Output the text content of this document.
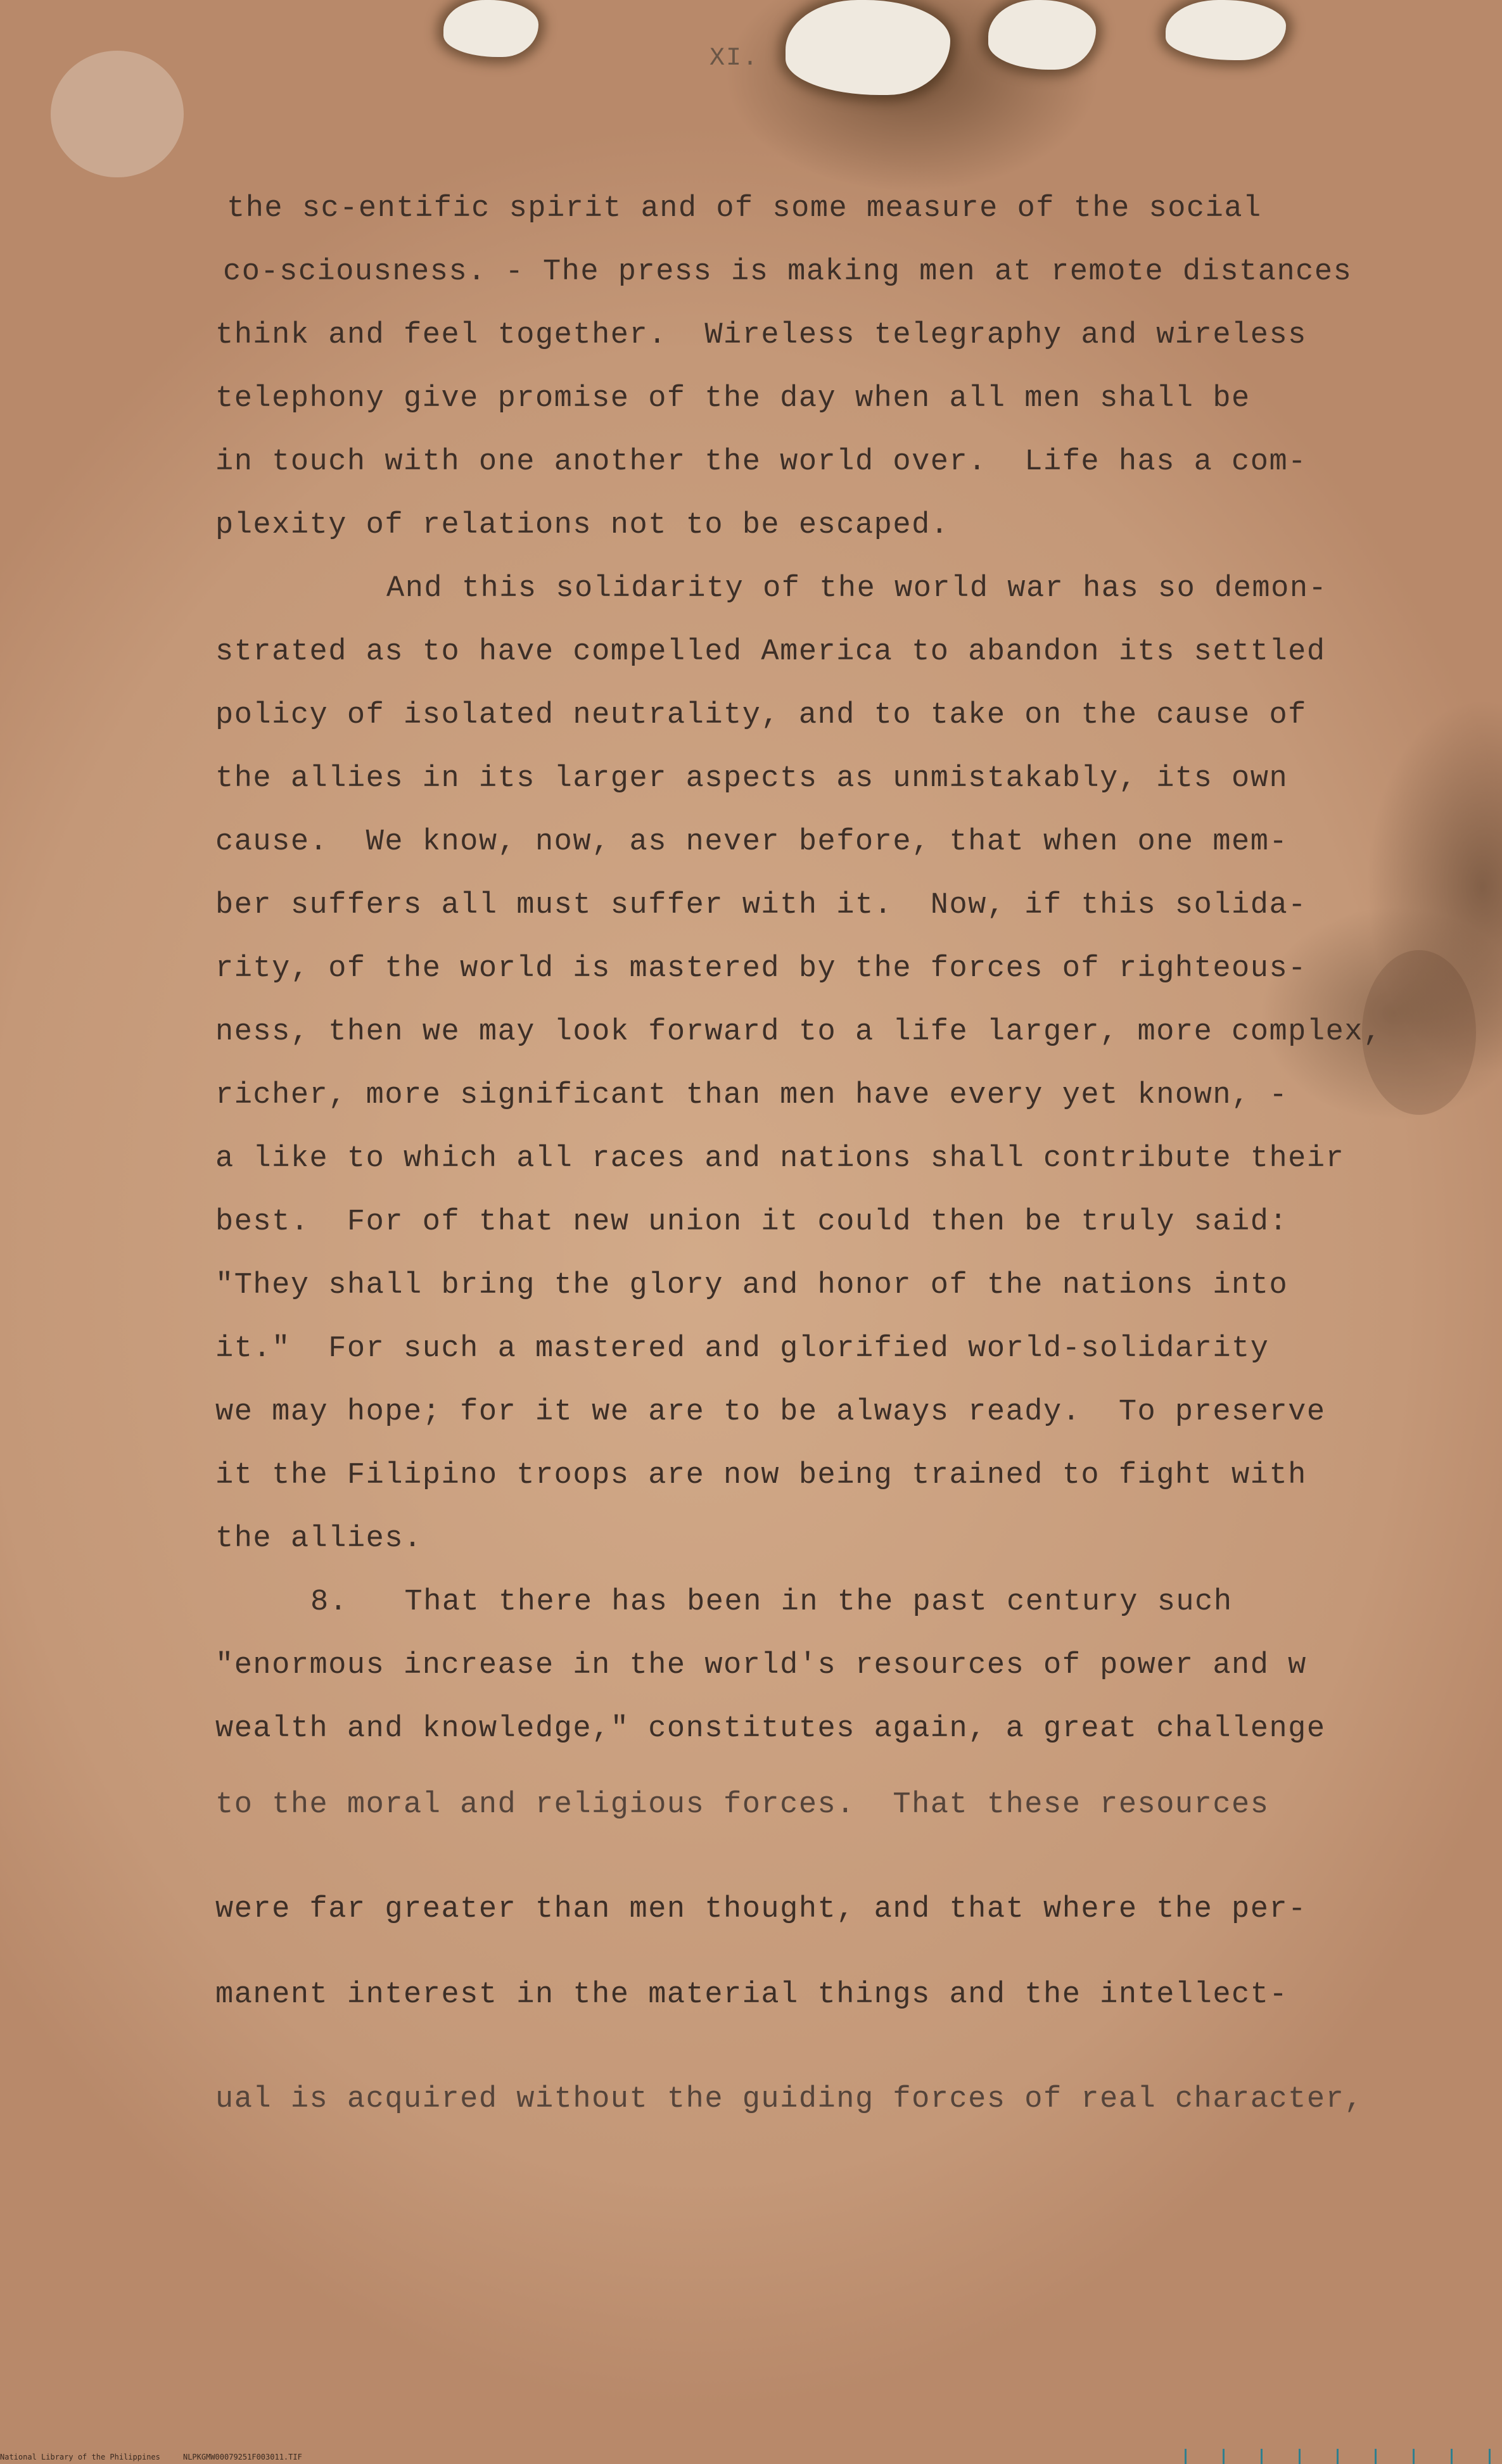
XI.
the sc-entific spirit and of some measure of the social
co-sciousness. - The press is making men at remote distances
think and feel together.  Wireless telegraphy and wireless
telephony give promise of the day when all men shall be
in touch with one another the world over.  Life has a com-
plexity of relations not to be escaped.
And this solidarity of the world war has so demon-
strated as to have compelled America to abandon its settled
policy of isolated neutrality, and to take on the cause of
the allies in its larger aspects as unmistakably, its own
cause.  We know, now, as never before, that when one mem-
ber suffers all must suffer with it.  Now, if this solida-
rity, of the world is mastered by the forces of righteous-
ness, then we may look forward to a life larger, more complex,
richer, more significant than men have every yet known, -
a like to which all races and nations shall contribute their
best.  For of that new union it could then be truly said:
"They shall bring the glory and honor of the nations into
it."  For such a mastered and glorified world-solidarity
we may hope; for it we are to be always ready.  To preserve
it the Filipino troops are now being trained to fight with
the allies.
8.   That there has been in the past century such
"enormous increase in the world's resources of power and w
wealth and knowledge," constitutes again, a great challenge
to the moral and religious forces.  That these resources
were far greater than men thought, and that where the per-
manent interest in the material things and the intellect-
ual is acquired without the guiding forces of real character,
National Library of the Philippines     NLPKGMW00079251F003011.TIF
